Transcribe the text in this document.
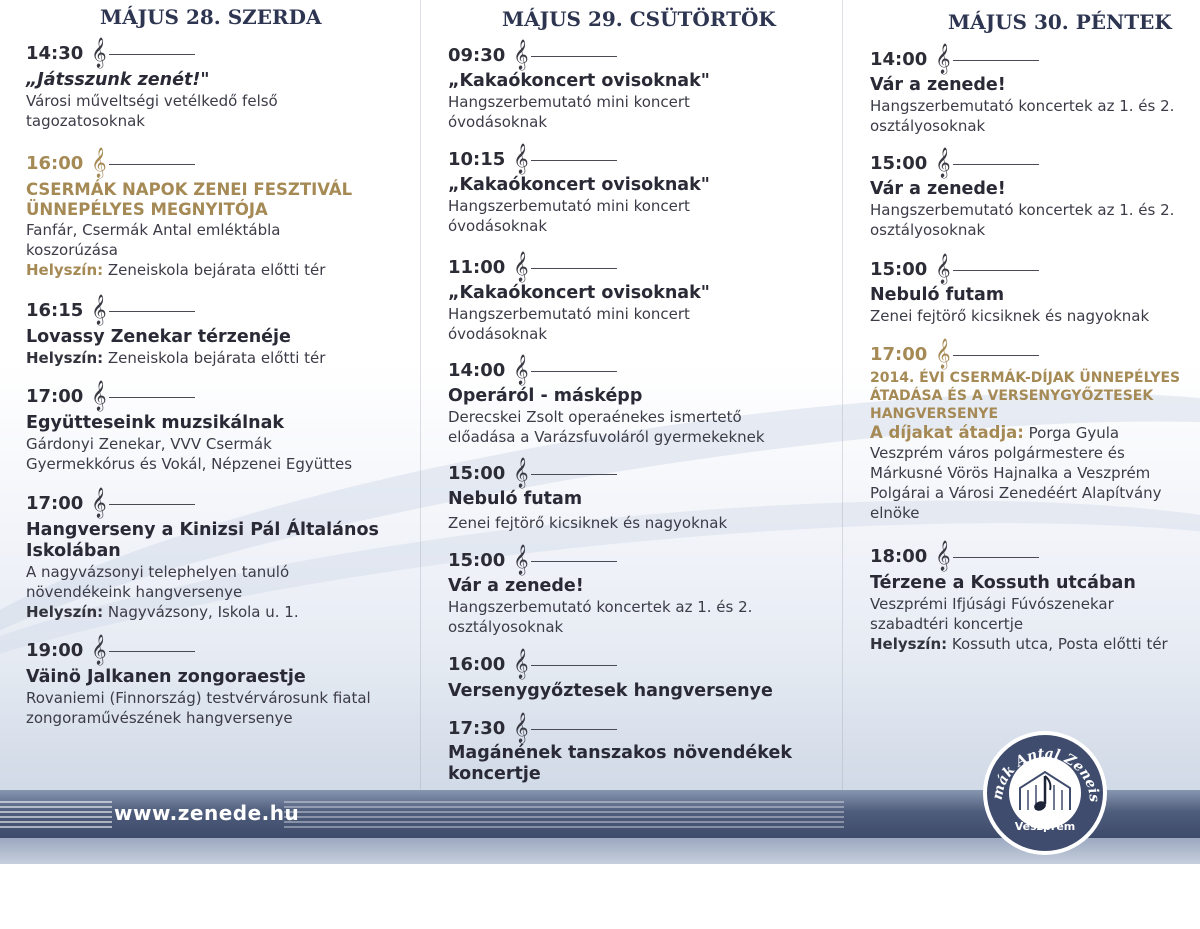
MÁJUS 28. SZERDA
14:30 𝄞
„Játsszunk zenét!"
Városi műveltségi vetélkedő felső
tagozatosoknak
16:00 𝄞
CSERMÁK NAPOK ZENEI FESZTIVÁL
ÜNNEPÉLYES MEGNYITÓJA
Fanfár, Csermák Antal emléktábla
koszorúzása
Helyszín: Zeneiskola bejárata előtti tér
16:15 𝄞
Lovassy Zenekar térzenéje
Helyszín: Zeneiskola bejárata előtti tér
17:00 𝄞
Együtteseink muzsikálnak
Gárdonyi Zenekar, VVV Csermák
Gyermekkórus és Vokál, Népzenei Együttes
17:00 𝄞
Hangverseny a Kinizsi Pál Általános
Iskolában
A nagyvázsonyi telephelyen tanuló
növendékeink hangversenye
Helyszín: Nagyvázsony, Iskola u. 1.
19:00 𝄞
Väinö Jalkanen zongoraestje
Rovaniemi (Finnország) testvérvárosunk fiatal
zongoraművészének hangversenye
MÁJUS 29. CSÜTÖRTÖK
09:30 𝄞
„Kakaókoncert ovisoknak"
Hangszerbemutató mini koncert
óvodásoknak
10:15 𝄞
„Kakaókoncert ovisoknak"
Hangszerbemutató mini koncert
óvodásoknak
11:00 𝄞
„Kakaókoncert ovisoknak"
Hangszerbemutató mini koncert
óvodásoknak
14:00 𝄞
Operáról - másképp
Derecskei Zsolt operaénekes ismertető
előadása a Varázsfuvoláról gyermekeknek
15:00 𝄞
Nebuló futam
Zenei fejtörő kicsiknek és nagyoknak
15:00 𝄞
Vár a zenede!
Hangszerbemutató koncertek az 1. és 2.
osztályosoknak
16:00 𝄞
Versenygyőztesek hangversenye
17:30 𝄞
Magánének tanszakos növendékek
koncertje
MÁJUS 30. PÉNTEK
14:00 𝄞
Vár a zenede!
Hangszerbemutató koncertek az 1. és 2.
osztályosoknak
15:00 𝄞
Vár a zenede!
Hangszerbemutató koncertek az 1. és 2.
osztályosoknak
15:00 𝄞
Nebuló futam
Zenei fejtörő kicsiknek és nagyoknak
17:00 𝄞
2014. ÉVI CSERMÁK-DÍJAK ÜNNEPÉLYES
ÁTADÁSA ÉS A VERSENYGYŐZTESEK
HANGVERSENYE
A díjakat átadja: Porga Gyula
Veszprém város polgármestere és
Márkusné Vörös Hajnalka a Veszprém
Polgárai a Városi Zenedéért Alapítvány
elnöke
18:00 𝄞
Térzene a Kossuth utcában
Veszprémi Ifjúsági Fúvószenekar
szabadtéri koncertje
Helyszín: Kossuth utca, Posta előtti tér
www.zenede.hu
mák Antal Zeneis
Veszprém
